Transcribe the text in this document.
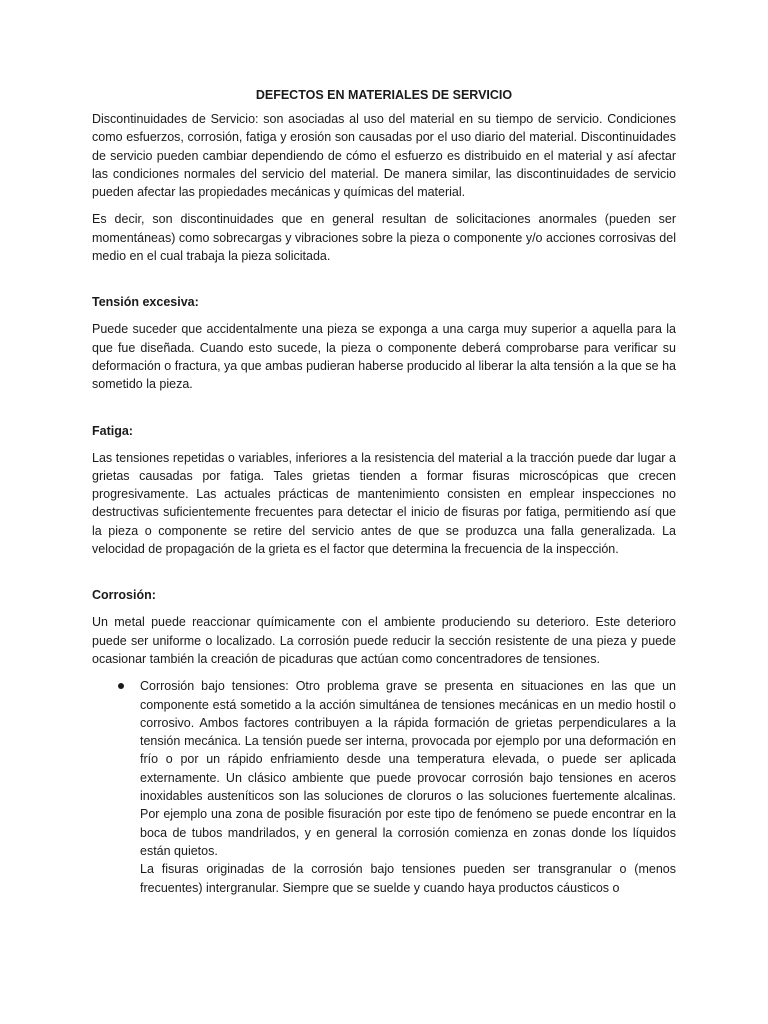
DEFECTOS EN MATERIALES DE SERVICIO

Discontinuidades de Servicio: son asociadas al uso del material en su tiempo de servicio. Condiciones como esfuerzos, corrosión, fatiga y erosión son causadas por el uso diario del material. Discontinuidades de servicio pueden cambiar dependiendo de cómo el esfuerzo es distribuido en el material y así afectar las condiciones normales del servicio del material. De manera similar, las discontinuidades de servicio pueden afectar las propiedades mecánicas y químicas del material.

Es decir, son discontinuidades que en general resultan de solicitaciones anormales (pueden ser momentáneas) como sobrecargas y vibraciones sobre la pieza o componente y/o acciones corrosivas del medio en el cual trabaja la pieza solicitada.

Tensión excesiva:

Puede suceder que accidentalmente una pieza se exponga a una carga muy superior a aquella para la que fue diseñada. Cuando esto sucede, la pieza o componente deberá comprobarse para verificar su deformación o fractura, ya que ambas pudieran haberse producido al liberar la alta tensión a la que se ha sometido la pieza.

Fatiga:

Las tensiones repetidas o variables, inferiores a la resistencia del material a la tracción puede dar lugar a grietas causadas por fatiga. Tales grietas tienden a formar fisuras microscópicas que crecen progresivamente. Las actuales prácticas de mantenimiento consisten en emplear inspecciones no destructivas suficientemente frecuentes para detectar el inicio de fisuras por fatiga, permitiendo así que la pieza o componente se retire del servicio antes de que se produzca una falla generalizada. La velocidad de propagación de la grieta es el factor que determina la frecuencia de la inspección.

Corrosión:

Un metal puede reaccionar químicamente con el ambiente produciendo su deterioro. Este deterioro puede ser uniforme o localizado. La corrosión puede reducir la sección resistente de una pieza y puede ocasionar también la creación de picaduras que actúan como concentradores de tensiones.

Corrosión bajo tensiones: Otro problema grave se presenta en situaciones en las que un componente está sometido a la acción simultánea de tensiones mecánicas en un medio hostil o corrosivo. Ambos factores contribuyen a la rápida formación de grietas perpendiculares a la tensión mecánica. La tensión puede ser interna, provocada por ejemplo por una deformación en frío o por un rápido enfriamiento desde una temperatura elevada, o puede ser aplicada externamente. Un clásico ambiente que puede provocar corrosión bajo tensiones en aceros inoxidables austeníticos son las soluciones de cloruros o las soluciones fuertemente alcalinas. Por ejemplo una zona de posible fisuración por este tipo de fenómeno se puede encontrar en la boca de tubos mandrilados, y en general la corrosión comienza en zonas donde los líquidos están quietos.

La fisuras originadas de la corrosión bajo tensiones pueden ser transgranular o (menos frecuentes) intergranular. Siempre que se suelde y cuando haya productos cáusticos o
